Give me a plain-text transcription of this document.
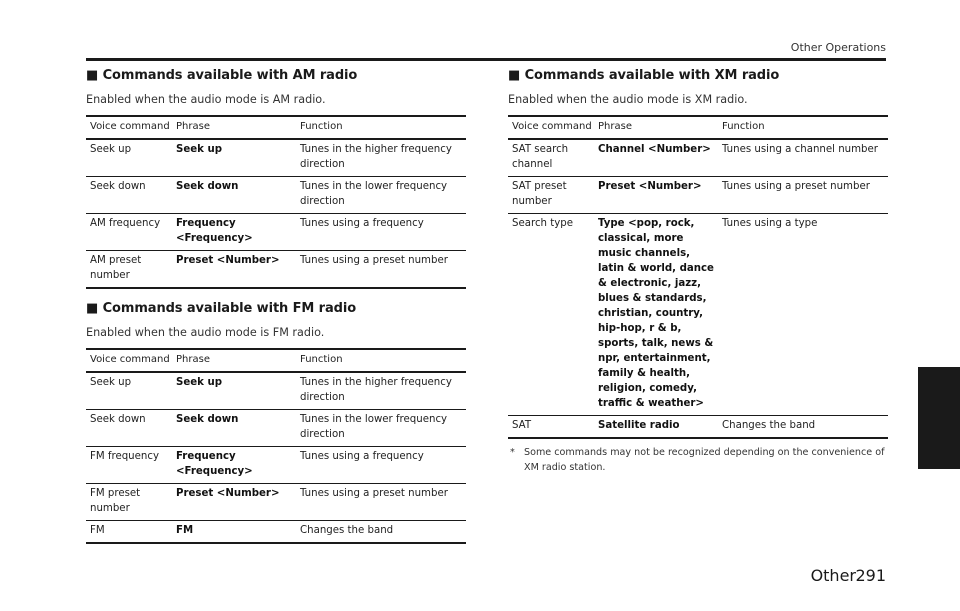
Other Operations
■ Commands available with AM radio
Enabled when the audio mode is AM radio.
Voice command	Phrase	Function
Seek up	Seek up	Tunes in the higher frequency direction
Seek down	Seek down	Tunes in the lower frequency direction
AM frequency	Frequency <Frequency>	Tunes using a frequency
AM preset number	Preset <Number>	Tunes using a preset number
■ Commands available with FM radio
Enabled when the audio mode is FM radio.
Voice command	Phrase	Function
Seek up	Seek up	Tunes in the higher frequency direction
Seek down	Seek down	Tunes in the lower frequency direction
FM frequency	Frequency <Frequency>	Tunes using a frequency
FM preset number	Preset <Number>	Tunes using a preset number
FM	FM	Changes the band
■ Commands available with XM radio
Enabled when the audio mode is XM radio.
Voice command	Phrase	Function
SAT search channel	Channel <Number>	Tunes using a channel number
SAT preset number	Preset <Number>	Tunes using a preset number
Search type	Type <pop, rock, classical, more music channels, latin & world, dance & electronic, jazz, blues & standards, christian, country, hip-hop, r & b, sports, talk, news & npr, entertainment, family & health, religion, comedy, traffic & weather>	Tunes using a type
SAT	Satellite radio	Changes the band
* Some commands may not be recognized depending on the convenience of XM radio station.
Other 291
